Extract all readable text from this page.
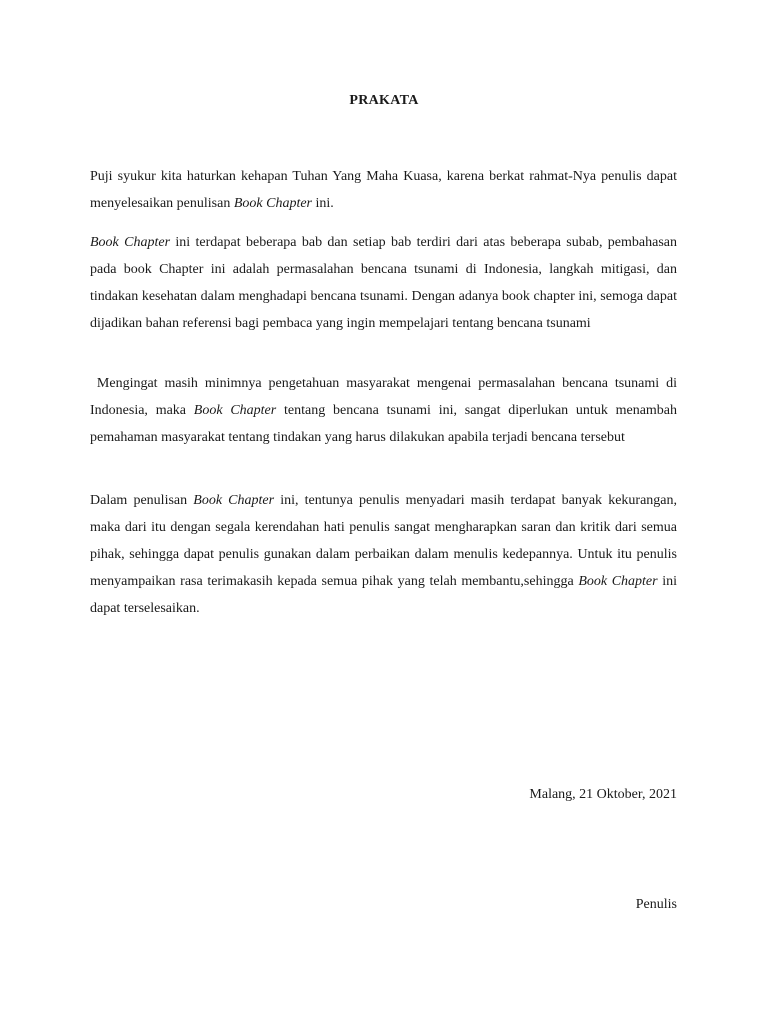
PRAKATA

Puji syukur kita haturkan kehapan Tuhan Yang Maha Kuasa, karena berkat rahmat-Nya penulis dapat menyelesaikan penulisan Book Chapter ini.

Book Chapter ini terdapat beberapa bab dan setiap bab terdiri dari atas beberapa subab, pembahasan pada book Chapter ini adalah permasalahan bencana tsunami di Indonesia, langkah mitigasi, dan tindakan kesehatan dalam menghadapi bencana tsunami. Dengan adanya book chapter ini, semoga dapat dijadikan bahan referensi bagi pembaca yang ingin mempelajari tentang bencana tsunami

Mengingat masih minimnya pengetahuan masyarakat mengenai permasalahan bencana tsunami di Indonesia, maka Book Chapter tentang bencana tsunami ini, sangat diperlukan untuk menambah pemahaman masyarakat tentang tindakan yang harus dilakukan apabila terjadi bencana tersebut

Dalam penulisan Book Chapter ini, tentunya penulis menyadari masih terdapat banyak kekurangan, maka dari itu dengan segala kerendahan hati penulis sangat mengharapkan saran dan kritik dari semua pihak, sehingga dapat penulis gunakan dalam perbaikan dalam menulis kedepannya. Untuk itu penulis menyampaikan rasa terimakasih kepada semua pihak yang telah membantu,sehingga Book Chapter ini dapat terselesaikan.

Malang, 21 Oktober, 2021
Penulis
